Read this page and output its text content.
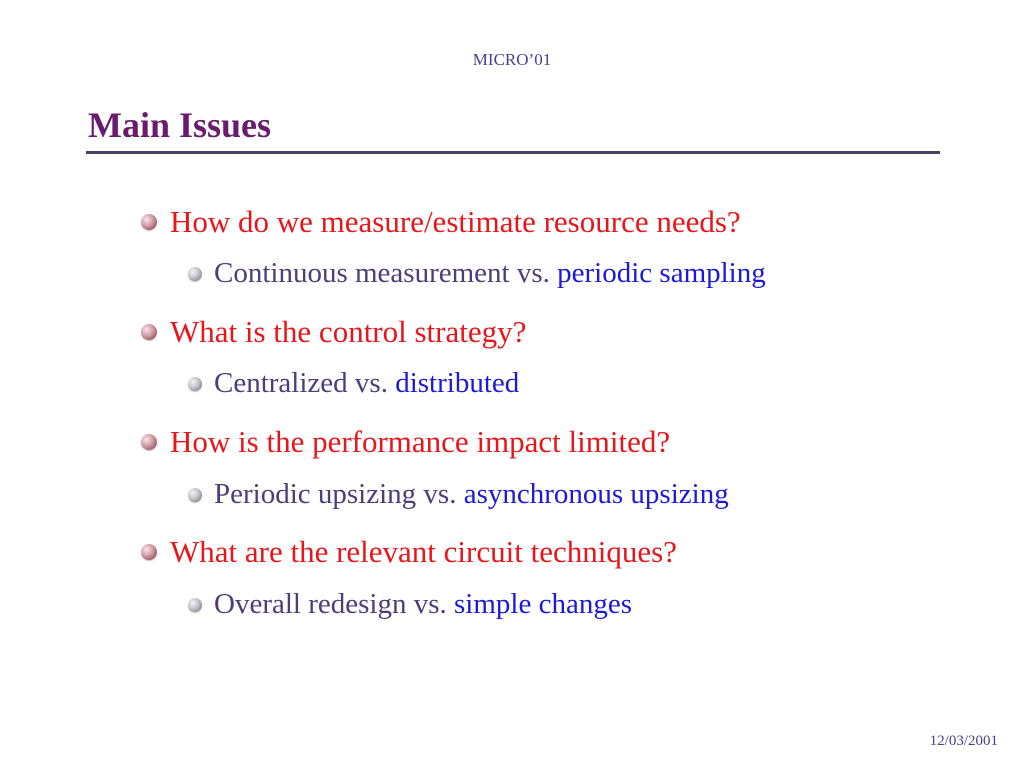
MICRO’01
Main Issues
How do we measure/estimate resource needs?
Continuous measurement vs. periodic sampling
What is the control strategy?
Centralized vs. distributed
How is the performance impact limited?
Periodic upsizing vs. asynchronous upsizing
What are the relevant circuit techniques?
Overall redesign vs. simple changes
12/03/2001
